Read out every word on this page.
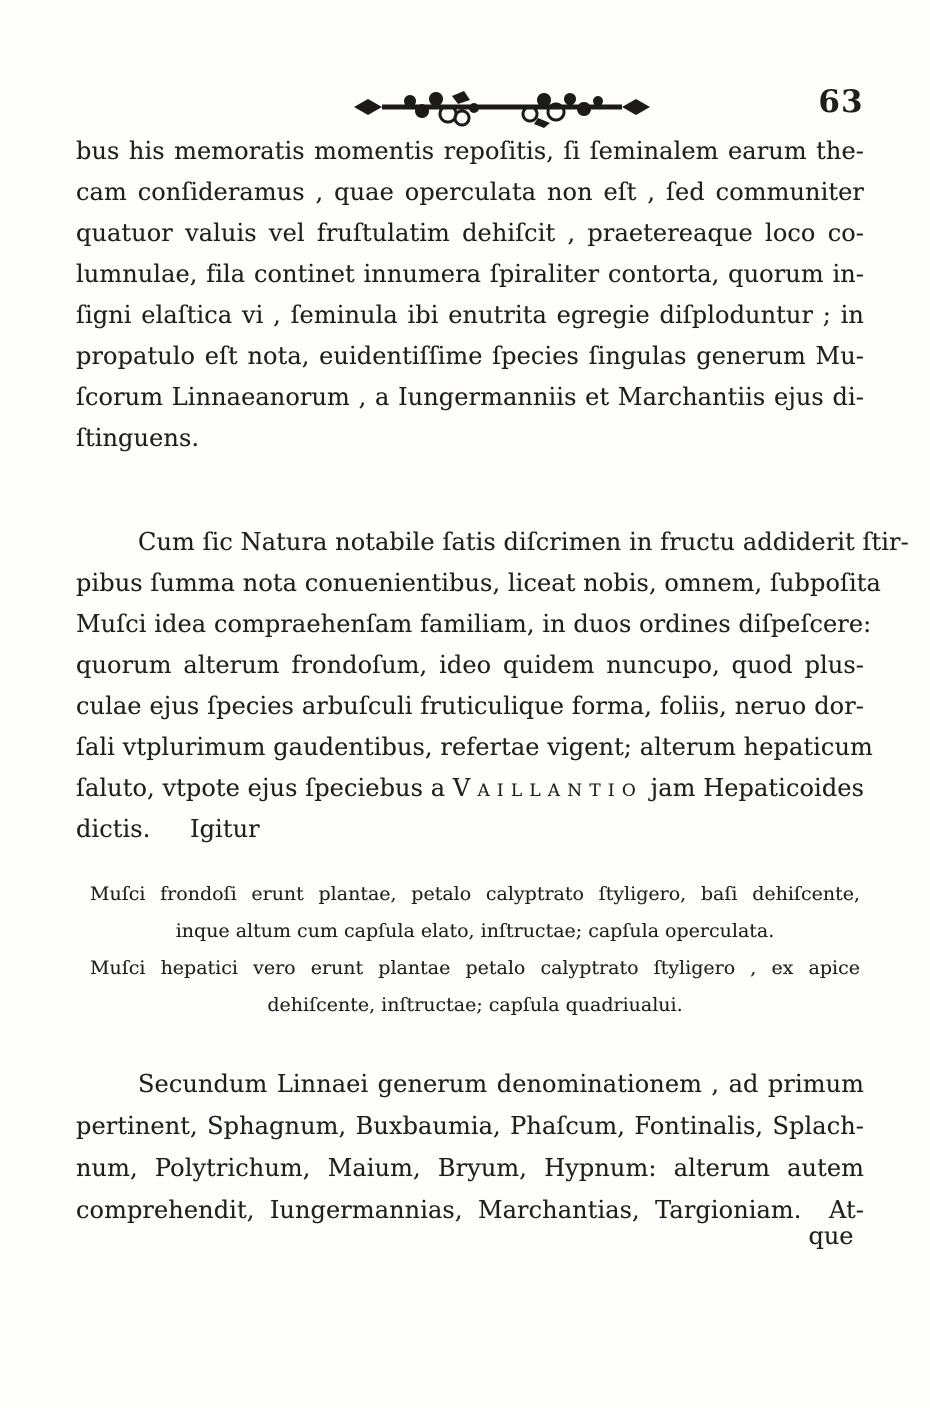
63
bus his memoratis momentis repoſitis, ſi ſeminalem earum the-
cam conſideramus , quae operculata non eſt , ſed communiter
quatuor valuis vel fruſtulatim dehiſcit , praetereaque loco co-
lumnulae, fila continet innumera ſpiraliter contorta, quorum in-
ſigni elaſtica vi , ſeminula ibi enutrita egregie diſploduntur ; in
propatulo eſt nota, euidentiſſime ſpecies ſingulas generum Mu-
ſcorum Linnaeanorum , a Iungermanniis et Marchantiis ejus di-
ſtinguens.
Cum ſic Natura notabile ſatis diſcrimen in fructu addiderit ſtir-
pibus ſumma nota conuenientibus, liceat nobis, omnem, ſubpoſita
Muſci idea compraehenſam familiam, in duos ordines diſpeſcere:
quorum alterum frondoſum, ideo quidem nuncupo, quod plus-
culae ejus ſpecies arbuſculi fruticulique forma, foliis, neruo dor-
ſali vtplurimum gaudentibus, refertae vigent; alterum hepaticum
ſaluto, vtpote ejus ſpeciebus a Vaillantio jam Hepaticoides
dictis.   Igitur
Muſci frondoſi erunt plantae, petalo calyptrato ſtyligero, baſi dehiſcente,
inque altum cum capſula elato, inſtructae; capſula operculata.
Muſci hepatici vero erunt plantae petalo calyptrato ſtyligero , ex apice
dehiſcente, inſtructae; capſula quadriualui.
Secundum Linnaei generum denominationem , ad primum
pertinent, Sphagnum, Buxbaumia, Phaſcum, Fontinalis, Splach-
num, Polytrichum, Maium, Bryum, Hypnum: alterum autem
comprehendit, Iungermannias, Marchantias, Targioniam.  At-
que
